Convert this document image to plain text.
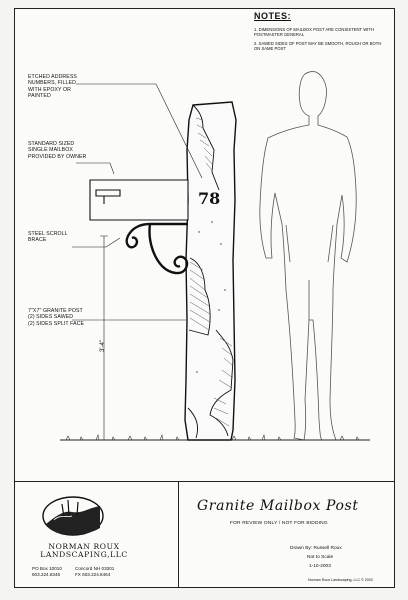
NOTES:
1. DIMENSIONS OF MAILBOX POST ARE CONSISTENT WITH POSTMASTER GENERAL
2. SAWED SIDES OF POST MAY BE SMOOTH, ROUGH OR BOTH ON SAME POST
ETCHED ADDRESS
NUMBERS, FILLED
WITH EPOXY OR
PAINTED
STANDARD SIZED
SINGLE MAILBOX
PROVIDED BY OWNER
STEEL SCROLL
BRACE
7"X7" GRANITE POST
(2) SIDES SAWED
(2) SIDES SPLIT FACE
78
3'-4"
NORMAN ROUX
LANDSCAPING,LLC
PO Box 10010
603.224.8346
Concord NH 03301
FX 603.224.8464
Granite Mailbox Post
FOR REVIEW ONLY / NOT FOR BIDDING
Drawn By: Russell Roux
Not to Scale
1-10-2003
Norman Roux Landscaping, LLC © 2003
